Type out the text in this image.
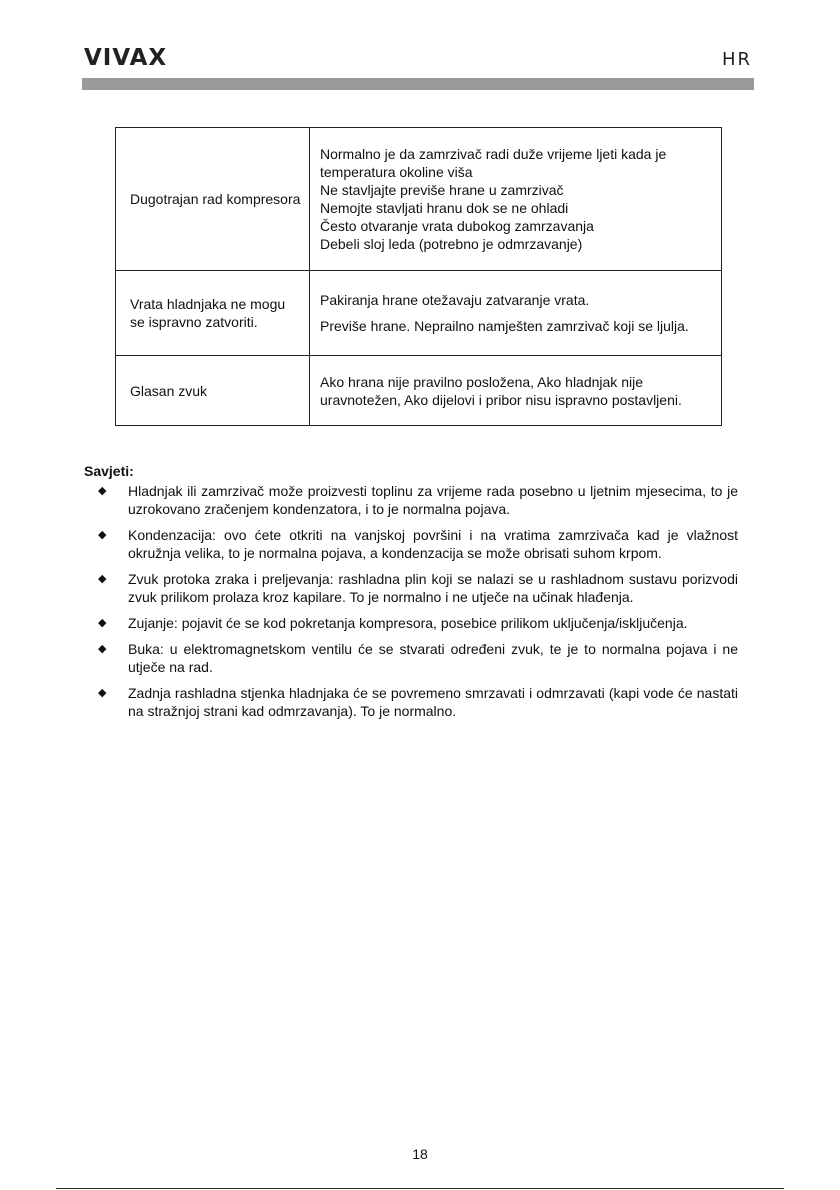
VIVAX	HR
Dugotrajan rad kompresora	Normalno je da zamrzivač radi duže vrijeme ljeti kada je temperatura okoline viša
Ne stavljajte previše hrane u zamrzivač
Nemojte stavljati hranu dok se ne ohladi
Često otvaranje vrata dubokog zamrzavanja
Debeli sloj leda (potrebno je odmrzavanje)

Vrata hladnjaka ne mogu se ispravno zatvoriti.	Pakiranja hrane otežavaju zatvaranje vrata.
Previše hrane. Neprailno namješten zamrzivač koji se ljulja.

Glasan zvuk	Ako hrana nije pravilno posložena, Ako hladnjak nije uravnotežen, Ako dijelovi i pribor nisu ispravno postavljeni.
Savjeti:
◆ Hladnjak ili zamrzivač može proizvesti toplinu za vrijeme rada posebno u ljetnim mjesecima, to je uzrokovano zračenjem kondenzatora, i to je normalna pojava.
◆ Kondenzacija: ovo ćete otkriti na vanjskoj površini i na vratima zamrzivača kad je vlažnost okružnja velika, to je normalna pojava, a kondenzacija se može obrisati suhom krpom.
◆ Zvuk protoka zraka i preljevanja: rashladna plin koji se nalazi se u rashladnom sustavu porizvodi zvuk prilikom prolaza kroz kapilare. To je normalno i ne utječe na učinak hlađenja.
◆ Zujanje: pojavit će se kod pokretanja kompresora, posebice prilikom uključenja/isključenja.
◆ Buka: u elektromagnetskom ventilu će se stvarati određeni zvuk, te je to normalna pojava i ne utječe na rad.
◆ Zadnja rashladna stjenka hladnjaka će se povremeno smrzavati i odmrzavati (kapi vode će nastati na stražnjoj strani kad odmrzavanja). To je normalno.
18
